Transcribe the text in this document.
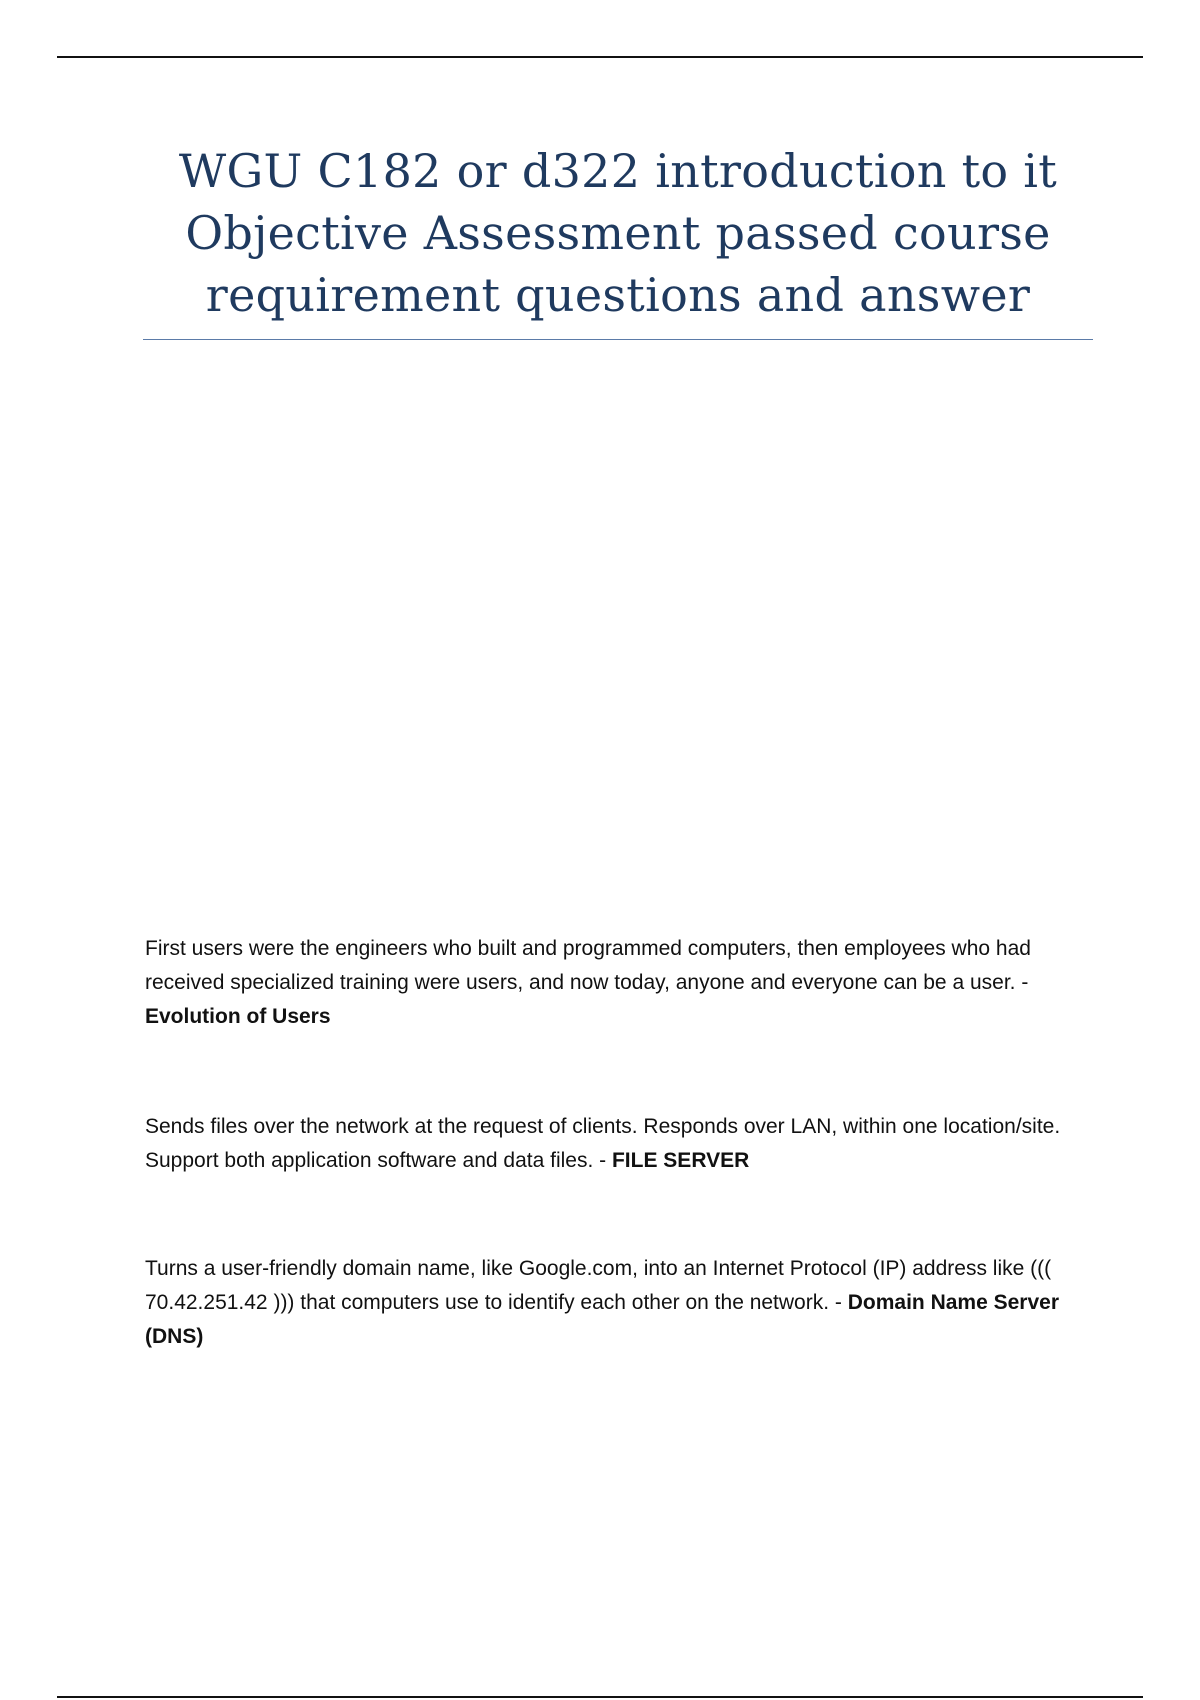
WGU C182 or d322 introduction to it Objective Assessment passed course requirement questions and answer
First users were the engineers who built and programmed computers, then employees who had received specialized training were users, and now today, anyone and everyone can be a user. - Evolution of Users
Sends files over the network at the request of clients. Responds over LAN, within one location/site. Support both application software and data files. - FILE SERVER
Turns a user-friendly domain name, like Google.com, into an Internet Protocol (IP) address like ((( 70.42.251.42 ))) that computers use to identify each other on the network. - Domain Name Server (DNS)
